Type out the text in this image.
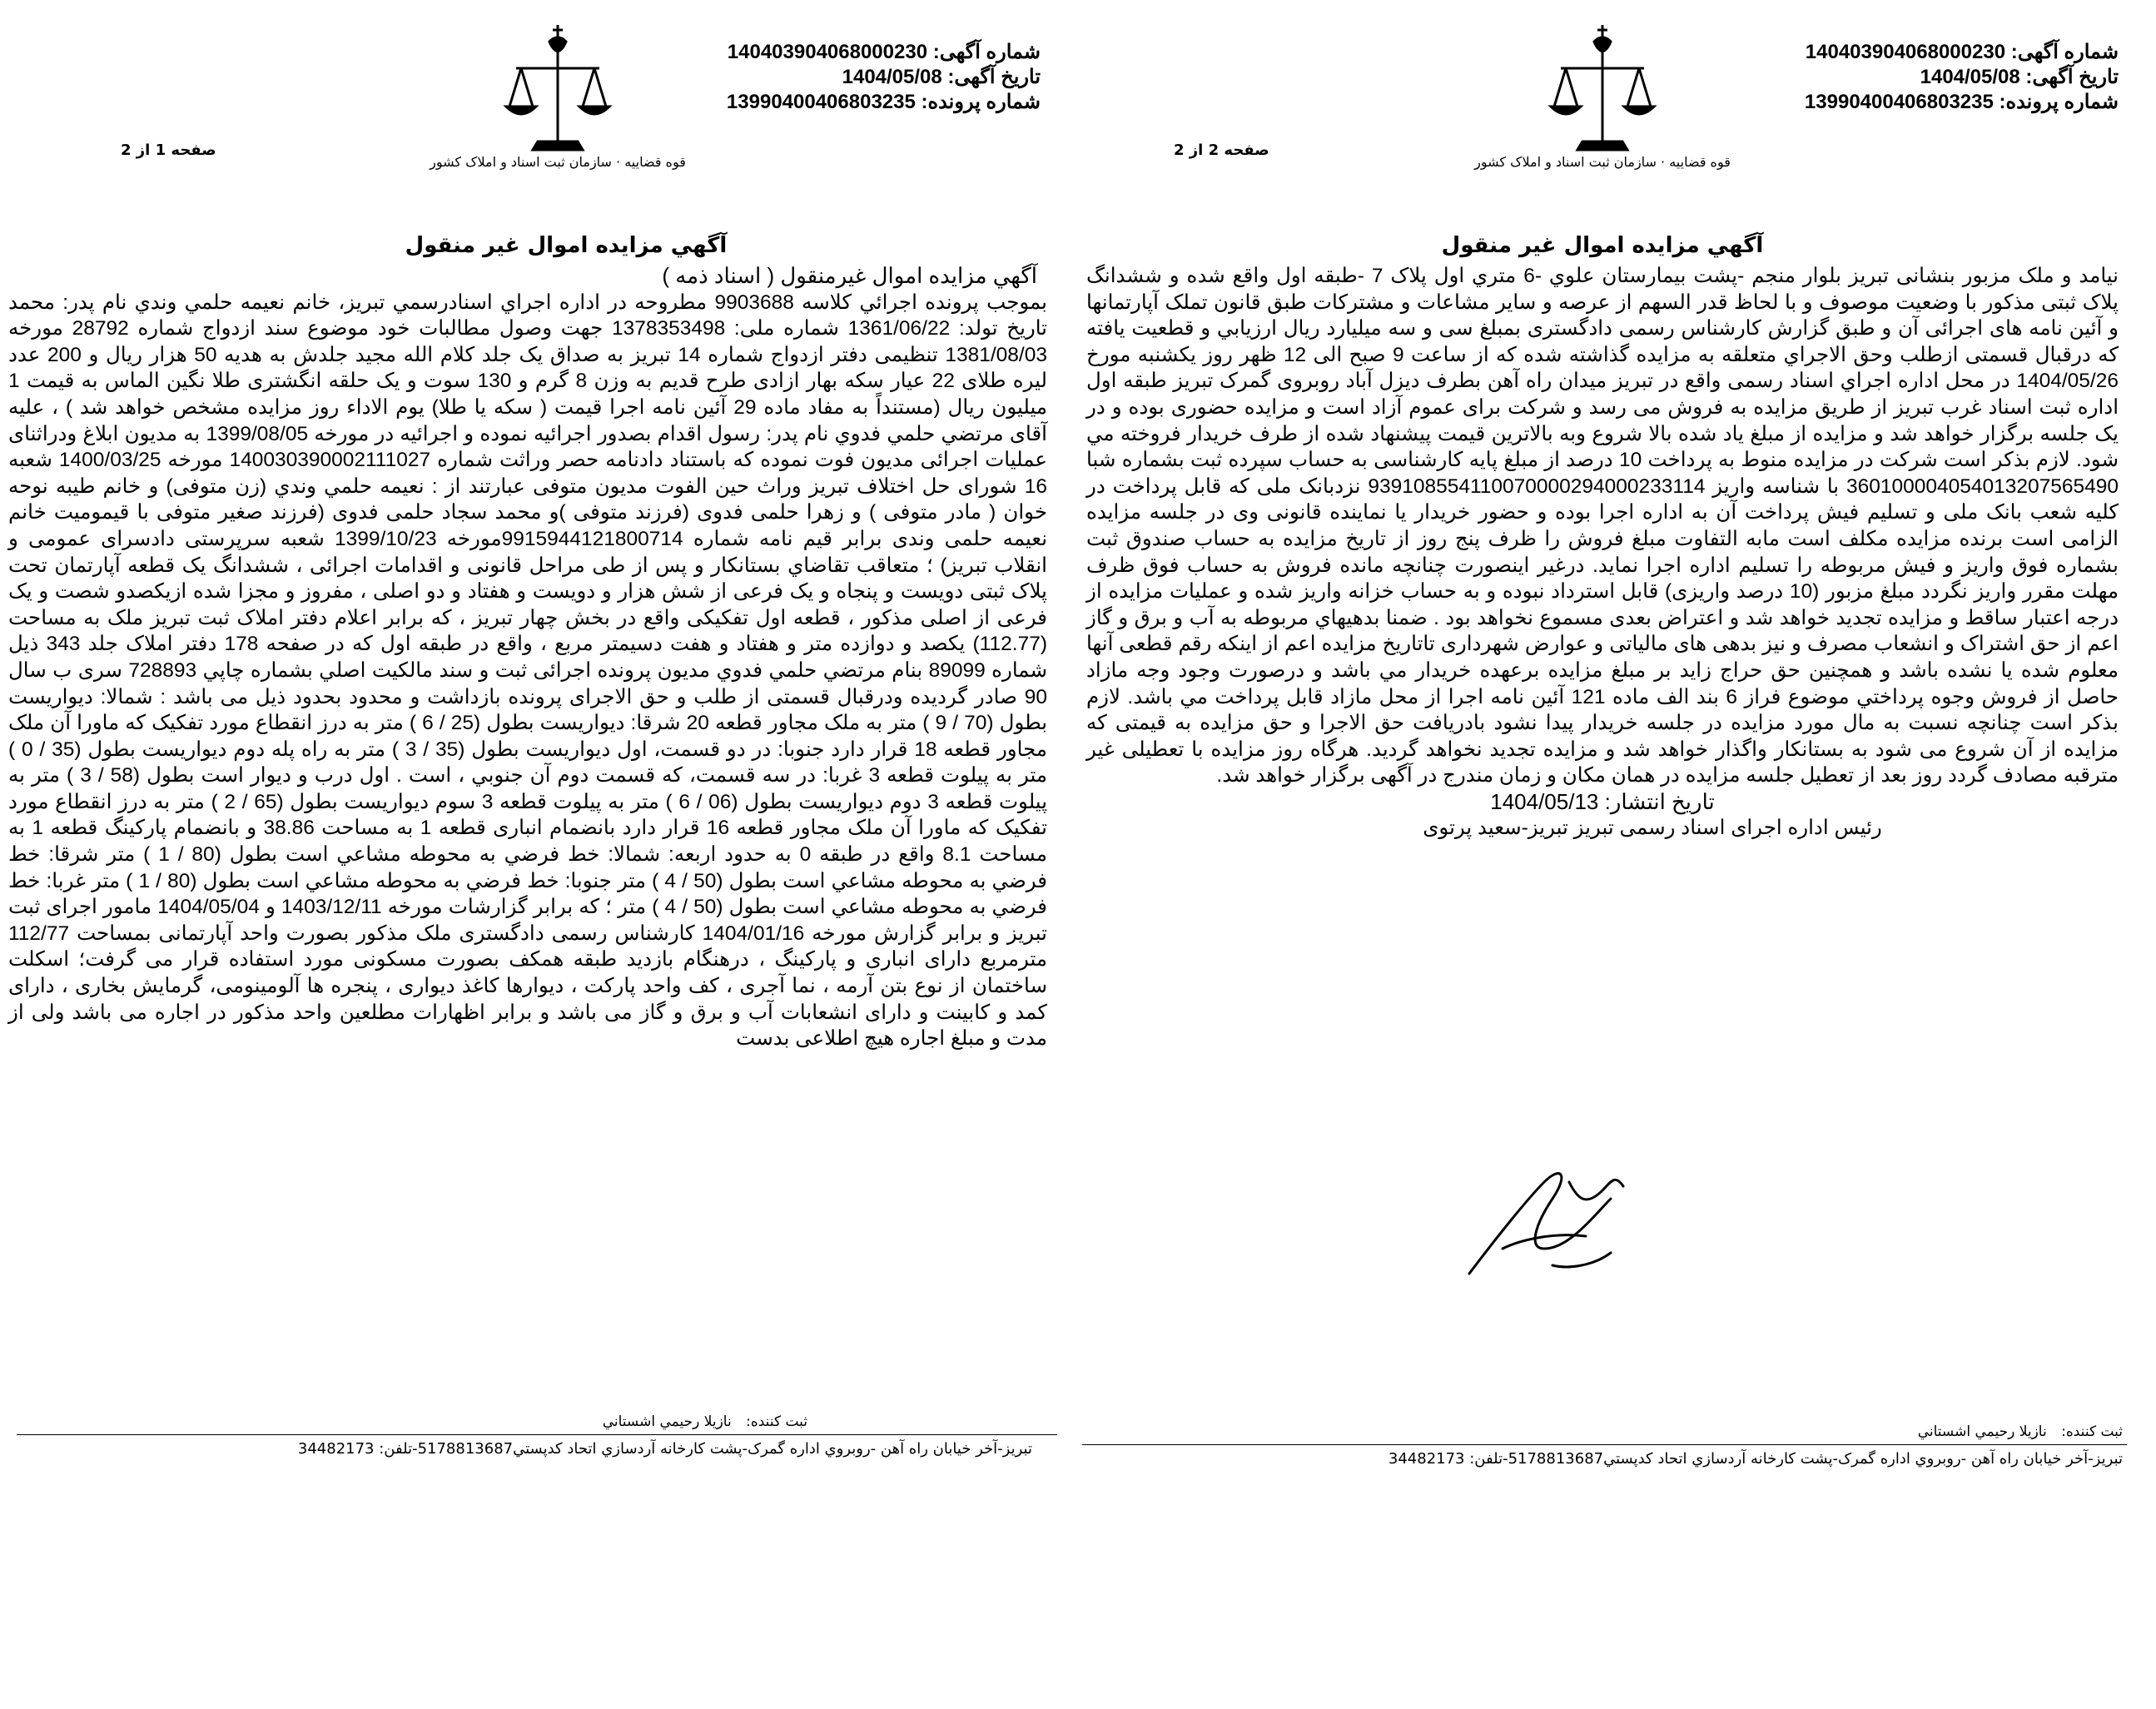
قوه قضاییه · سازمان ثبت اسناد و املاک کشور
شماره آگهی: 140403904068000230
تاریخ آگهی: 1404/05/08
شماره پرونده: 13990400406803235
صفحه 2 از 2
آگهي مزايده اموال غير منقول

نیامد و ملک مزبور بنشانی تبریز بلوار منجم -پشت بیمارستان علوي -6 متري اول پلاک 7 -طبقه اول واقع شده و ششدانگ پلاک ثبتی مذکور با وضعیت موصوف و با لحاظ قدر السهم از عرصه و سایر مشاعات و مشترکات طبق قانون تملک آپارتمانها و آئین نامه های اجرائی آن و طبق گزارش کارشناس رسمی دادگستری بمبلغ سی و سه میلیارد ریال ارزیابي و قطعیت یافته که درقبال قسمتی ازطلب وحق الاجراي متعلقه به مزایده گذاشته شده که از ساعت 9 صبح الی 12 ظهر روز یکشنبه مورخ 1404/05/26 در محل اداره اجراي اسناد رسمی واقع در تبریز میدان راه آهن بطرف دیزل آباد روبروی گمرک تبریز طبقه اول اداره ثبت اسناد غرب تبریز از طریق مزایده به فروش می رسد و شرکت برای عموم آزاد است و مزایده حضوری بوده و در یک جلسه برگزار خواهد شد و مزایده از مبلغ یاد شده بالا شروع وبه بالاترین قیمت پیشنهاد شده از طرف خریدار فروخته مي شود. لازم بذکر است شرکت در مزایده منوط به پرداخت 10 درصد از مبلغ پایه کارشناسی به حساب سپرده ثبت بشماره شبا 360100004054013207565490 با شناسه واریز 939108554110070000294000233114 نزدبانک ملی که قابل پرداخت در کلیه شعب بانک ملی و تسلیم فیش پرداخت آن به اداره اجرا بوده و حضور خریدار یا نماینده قانونی وی در جلسه مزایده الزامی است برنده مزایده مکلف است مابه التفاوت مبلغ فروش را ظرف پنج روز از تاریخ مزایده به حساب صندوق ثبت بشماره فوق واریز و فیش مربوطه را تسلیم اداره اجرا نماید. درغیر اینصورت چنانچه مانده فروش به حساب فوق ظرف مهلت مقرر واریز نگردد مبلغ مزبور (10 درصد واریزی) قابل استرداد نبوده و به حساب خزانه واریز شده و عملیات مزایده از درجه اعتبار ساقط و مزایده تجدید خواهد شد و اعتراض بعدی مسموع نخواهد بود . ضمنا بدهیهاي مربوطه به آب و برق و گاز اعم از حق اشتراک و انشعاب مصرف و نیز بدهی های مالیاتی و عوارض شهرداری تاتاریخ مزایده اعم از اینکه رقم قطعی آنها معلوم شده یا نشده باشد و همچنین حق حراج زاید بر مبلغ مزایده برعهده خریدار مي باشد و درصورت وجود وجه مازاد حاصل از فروش وجوه پرداختي موضوع فراز 6 بند الف ماده 121 آئین نامه اجرا از محل مازاد قابل پرداخت مي باشد. لازم بذکر است چنانچه نسبت به مال مورد مزایده در جلسه خریدار پیدا نشود بادریافت حق الاجرا و حق مزایده به قیمتی که مزایده از آن شروع می شود به بستانکار واگذار خواهد شد و مزایده تجدید نخواهد گردید. هرگاه روز مزایده با تعطیلی غیر مترقبه مصادف گردد روز بعد از تعطیل جلسه مزایده در همان مکان و زمان مندرج در آگهی برگزار خواهد شد.

تاریخ انتشار: 1404/05/13

رئیس اداره اجرای اسناد رسمی تبریز تبریز-سعید پرتوی

ثبت کننده: نازيلا رحيمي اشستاني
تبريز-آخر خيابان راه آهن -روبروي اداره گمرک-پشت کارخانه آردسازي اتحاد کدپستي5178813687-تلفن: 34482173
قوه قضاییه · سازمان ثبت اسناد و املاک کشور
شماره آگهی: 140403904068000230
تاریخ آگهی: 1404/05/08
شماره پرونده: 13990400406803235
صفحه 1 از 2
آگهي مزايده اموال غير منقول

آگهي مزايده اموال غيرمنقول ( اسناد ذمه )

بموجب پرونده اجرائي کلاسه 9903688 مطروحه در اداره اجراي اسنادرسمي تبريز، خانم نعيمه حلمي وندي نام پدر: محمد تاريخ تولد: 1361/06/22 شماره ملی: 1378353498 جهت وصول مطالبات خود موضوع سند ازدواج شماره 28792 مورخه 1381/08/03 تنظيمی دفتر ازدواج شماره 14 تبريز به صداق يک جلد کلام الله مجيد جلدش به هديه 50 هزار ريال و 200 عدد ليره طلای 22 عيار سکه بهار ازادی طرح قديم به وزن 8 گرم و 130 سوت و يک حلقه انگشتری طلا نگين الماس به قيمت 1 ميليون ريال (مستنداً به مفاد ماده 29 آئين نامه اجرا قيمت ( سکه يا طلا) يوم الاداء روز مزايده مشخص خواهد شد ) ، عليه آقای مرتضي حلمي فدوي نام پدر: رسول اقدام بصدور اجرائيه نموده و اجرائيه در مورخه 1399/08/05 به مديون ابلاغ ودراثنای عمليات اجرائی مديون فوت نموده که باستناد دادنامه حصر وراثت شماره 140030390002111027 مورخه 1400/03/25 شعبه 16 شورای حل اختلاف تبريز وراث حين الفوت مديون متوفی عبارتند از : نعيمه حلمي وندي (زن متوفی) و خانم طيبه نوحه خوان ( مادر متوفی ) و زهرا حلمی فدوی (فرزند متوفی )و محمد سجاد حلمی فدوی (فرزند صغير متوفی با قيموميت خانم نعيمه حلمی وندی برابر قيم نامه شماره 9915944121800714مورخه 1399/10/23 شعبه سرپرستی دادسرای عمومی و انقلاب تبريز) ؛ متعاقب تقاضاي بستانکار و پس از طی مراحل قانونی و اقدامات اجرائی ، ششدانگ يک قطعه آپارتمان تحت پلاک ثبتی دويست و پنجاه و يک فرعی از شش هزار و دويست و هفتاد و دو اصلی ، مفروز و مجزا شده ازيکصدو شصت و يک فرعی از اصلی مذکور ، قطعه اول تفکيکی واقع در بخش چهار تبريز ، که برابر اعلام دفتر املاک ثبت تبريز ملک به مساحت (112.77) يکصد و دوازده متر و هفتاد و هفت دسيمتر مربع ، واقع در طبقه اول که در صفحه 178 دفتر املاک جلد 343 ذيل شماره 89099 بنام مرتضي حلمي فدوي مديون پرونده اجرائی ثبت و سند مالکيت اصلي بشماره چاپي 728893 سری ب سال 90 صادر گرديده ودرقبال قسمتی از طلب و حق الاجرای پرونده بازداشت و محدود بحدود ذيل می باشد : شمالا: ديواريست بطول (70 / 9 ) متر به ملک مجاور قطعه 20 شرقا: ديواريست بطول (25 / 6 ) متر به درز انقطاع مورد تفکيک که ماورا آن ملک مجاور قطعه 18 قرار دارد جنوبا: در دو قسمت، اول ديواريست بطول (35 / 3 ) متر به راه پله دوم ديواريست بطول (35 / 0 ) متر به پيلوت قطعه 3 غربا: در سه قسمت، که قسمت دوم آن جنوبي ، است . اول درب و ديوار است بطول (58 / 3 ) متر به پيلوت قطعه 3 دوم ديواريست بطول (06 / 6 ) متر به پيلوت قطعه 3 سوم ديواريست بطول (65 / 2 ) متر به درز انقطاع مورد تفکيک که ماورا آن ملک مجاور قطعه 16 قرار دارد بانضمام انباری قطعه 1 به مساحت 38.86 و بانضمام پارکينگ قطعه 1 به مساحت 8.1 واقع در طبقه 0 به حدود اربعه: شمالا: خط فرضي به محوطه مشاعي است بطول (80 / 1 ) متر شرقا: خط فرضي به محوطه مشاعي است بطول (50 / 4 ) متر جنوبا: خط فرضي به محوطه مشاعي است بطول (80 / 1 ) متر غربا: خط فرضي به محوطه مشاعي است بطول (50 / 4 ) متر ؛ که برابر گزارشات مورخه 1403/12/11 و 1404/05/04 مامور اجرای ثبت تبريز و برابر گزارش مورخه 1404/01/16 کارشناس رسمی دادگستری ملک مذکور بصورت واحد آپارتمانی بمساحت 112/77 مترمربع دارای انباری و پارکينگ ، درهنگام بازديد طبقه همکف بصورت مسکونی مورد استفاده قرار می گرفت؛ اسکلت ساختمان از نوع بتن آرمه ، نما آجری ، کف واحد پارکت ، ديوارها کاغذ ديواری ، پنجره ها آلومينومی، گرمايش بخاری ، دارای کمد و کابينت و دارای انشعابات آب و برق و گاز می باشد و برابر اظهارات مطلعين واحد مذکور در اجاره می باشد ولی از مدت و مبلغ اجاره هيچ اطلاعی بدست

ثبت کننده: نازيلا رحيمي اشستاني
تبريز-آخر خيابان راه آهن -روبروي اداره گمرک-پشت کارخانه آردسازي اتحاد کدپستي5178813687-تلفن: 34482173
